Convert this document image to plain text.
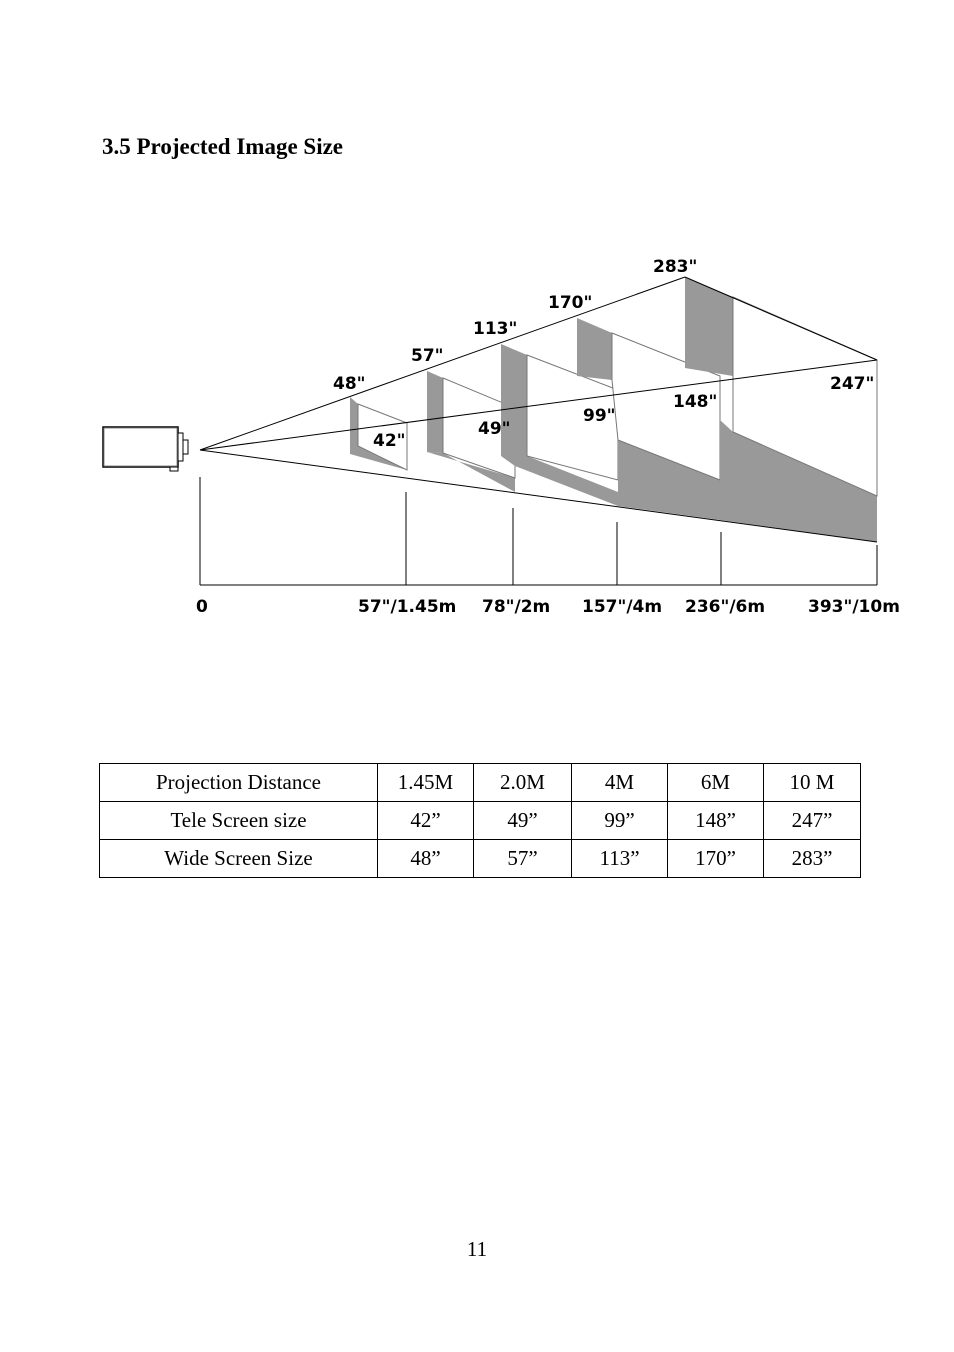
3.5 Projected Image Size
48"
57"
113"
170"
283"
42"
49"
99"
148"
247"
0	57"/1.45m 78"/2m 157"/4m 236"/6m	393"/10m
Projection Distance	1.45M	2.0M	4M	6M	10 M
Tele Screen size	42”	49”	99”	148”	247”
Wide Screen Size	48”	57”	113”	170”	283”
11
